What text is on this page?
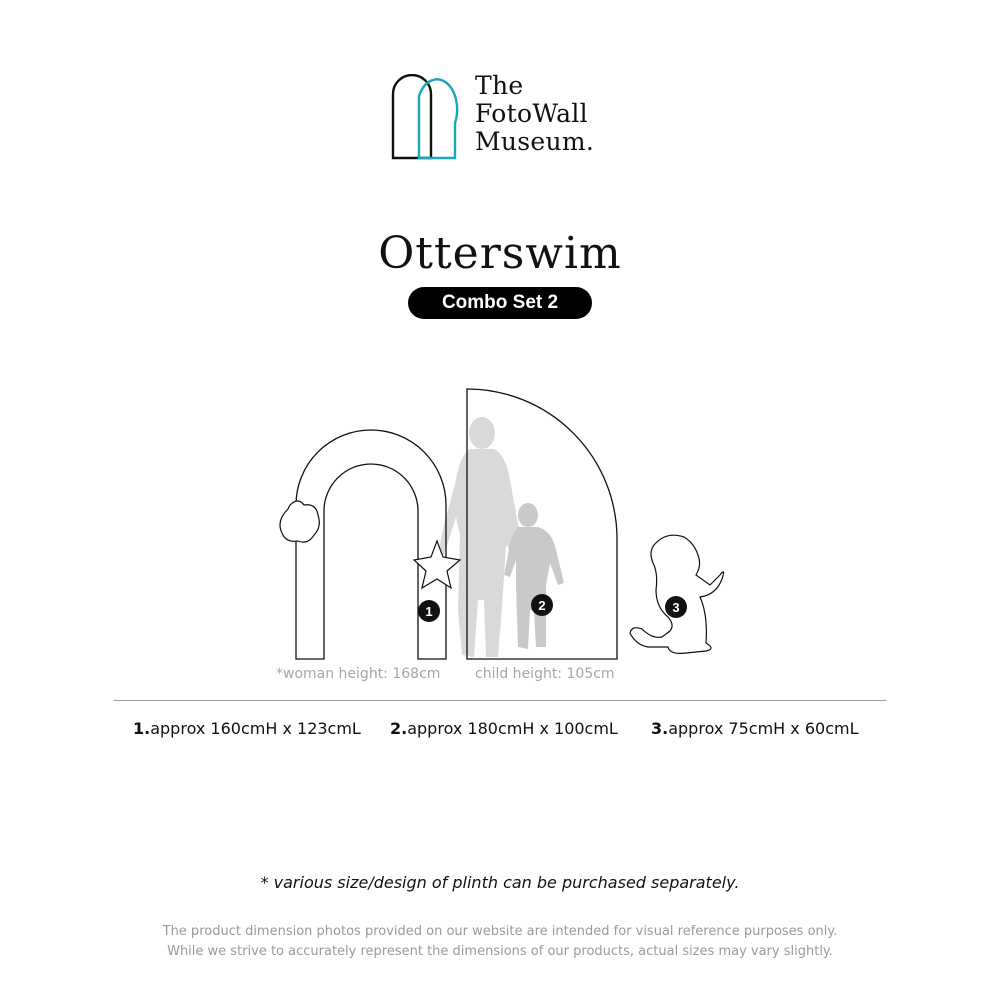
The
FotoWall
Museum.
Otterswim
Combo Set 2
1	2	3
*woman height: 168cm child height: 105cm
1.approx 160cmH x 123cmL 2.approx 180cmH x 100cmL 3.approx 75cmH x 60cmL
* various size/design of plinth can be purchased separately.
The product dimension photos provided on our website are intended for visual reference purposes only.
While we strive to accurately represent the dimensions of our products, actual sizes may vary slightly.
